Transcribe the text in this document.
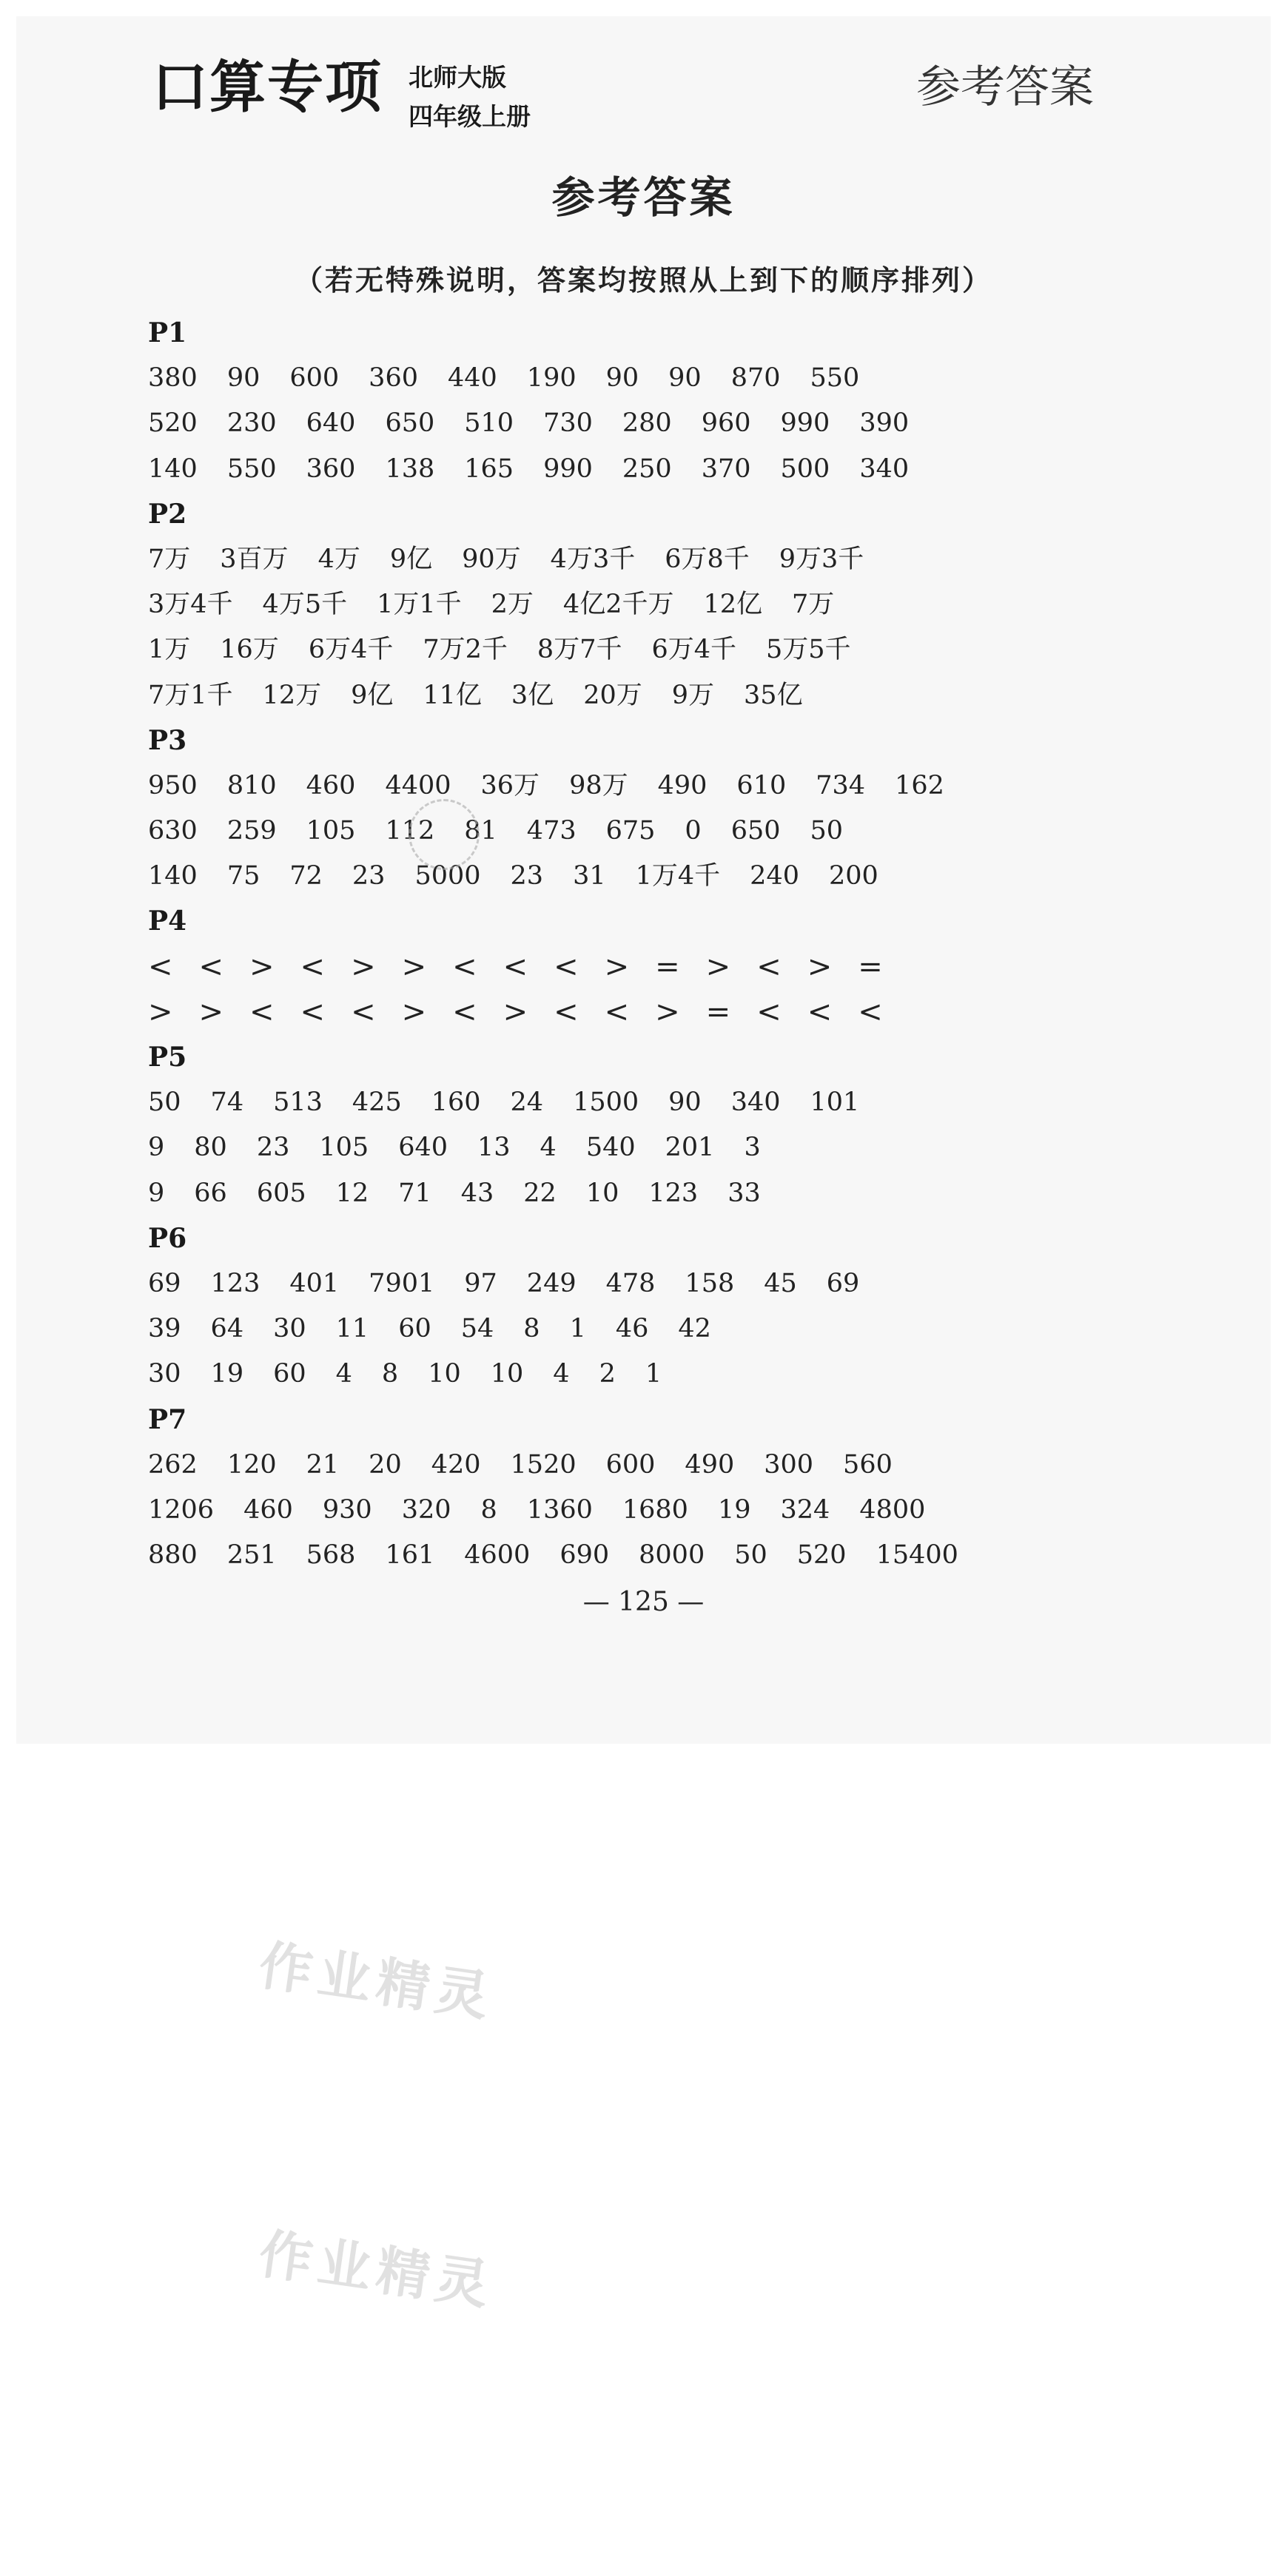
口算专项 北师大版
四年级上册
参考答案
参考答案
（若无特殊说明，答案均按照从上到下的顺序排列）
P1
380 90 600 360 440 190 90 90 870 550
520 230 640 650 510 730 280 960 990 390
140 550 360 138 165 990 250 370 500 340
P2
7万 3百万 4万 9亿 90万 4万3千 6万8千 9万3千
3万4千 4万5千 1万1千 2万 4亿2千万 12亿 7万
1万 16万 6万4千 7万2千 8万7千 6万4千 5万5千
7万1千 12万 9亿 11亿 3亿 20万 9万 35亿
P3
950 810 460 4400 36万 98万 490 610 734 162
630 259 105 112 81 473 675 0 650 50
140 75 72 23 5000 23 31 1万4千 240 200
P4
< < > < > > < < < > = > < > =
> > < < < > < > < < > = < < <
P5
50 74 513 425 160 24 1500 90 340 101
9 80 23 105 640 13 4 540 201 3
9 66 605 12 71 43 22 10 123 33
P6
69 123 401 7901 97 249 478 158 45 69
39 64 30 11 60 54 8 1 46 42
30 19 60 4 8 10 10 4 2 1
P7
262 120 21 20 420 1520 600 490 300 560
1206 460 930 320 8 1360 1680 19 324 4800
880 251 568 161 4600 690 8000 50 520 15400
— 125 —
作业精灵
作业精灵
